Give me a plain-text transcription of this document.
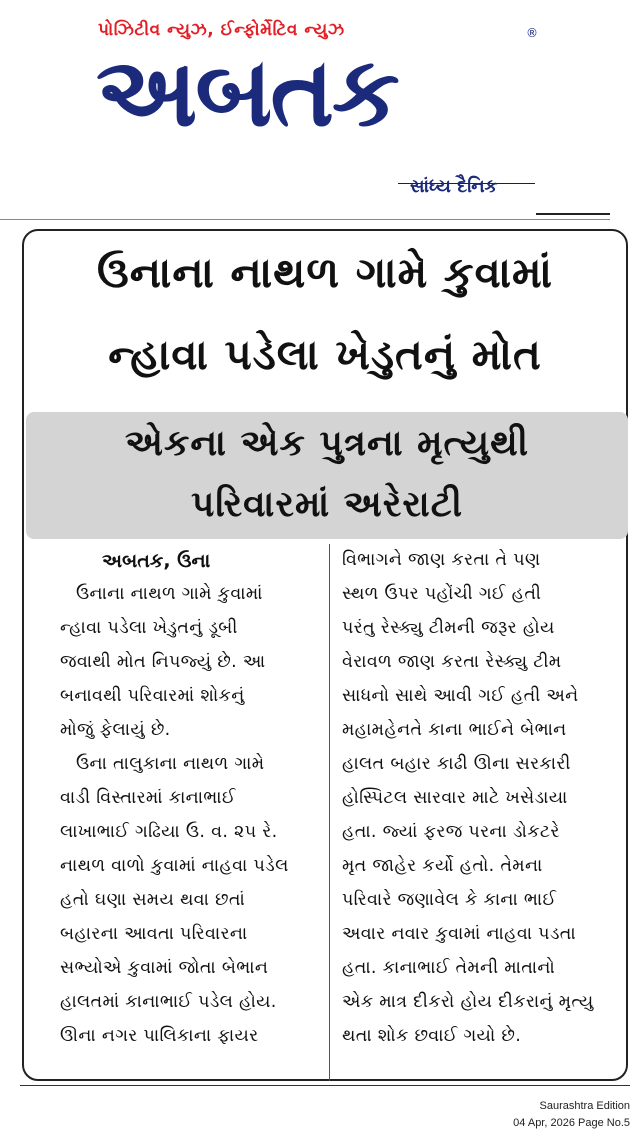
પોઝિટીવ ન્યુઝ, ઈન્ફોર્મેટિવ ન્યુઝ	®
અબતક
સાંધ્ય દૈનિક
ઉનાના નાથળ ગામે કુવામાં
ન્હાવા પડેલા ખેડુતનું મોત
એકના એક પુત્રના મૃત્યુથી
પરિવારમાં અરેરાટી
અબતક, ઉના
ઉનાના નાથળ ગામે કુવામાં
ન્હાવા પડેલા ખેડુતનું ડૂબી
જવાથી મોત નિપજ્યું છે. આ
બનાવથી પરિવારમાં શોકનું
મોજું ફેલાયું છે.
ઉના તાલુકાના નાથળ ગામે
વાડી વિસ્તારમાં કાનાભાઈ
લાખાભાઈ ગઢિયા ઉ. વ. ૨૫ રે.
નાથળ વાળો કુવામાં નાહવા પડેલ
હતો ઘણા સમય થવા છતાં
બહારના આવતા પરિવારના
સભ્યોએ કુવામાં જોતા બેભાન
હાલતમાં કાનાભાઈ પડેલ હોય.
ઊના નગર પાલિકાના ફાયર
વિભાગને જાણ કરતા તે પણ
સ્થળ ઉપર પહોંચી ગઈ હતી
પરંતુ રેસ્ક્યુ ટીમની જરૂર હોય
વેરાવળ જાણ કરતા રેસ્ક્યુ ટીમ
સાધનો સાથે આવી ગઈ હતી અને
મહામહેનતે કાના ભાઈને બેભાન
હાલત બહાર કાઢી ઊના સરકારી
હોસ્પિટલ સારવાર માટે ખસેડાયા
હતા. જ્યાં ફરજ પરના ડોકટરે
મૃત જાહેર કર્યો હતો. તેમના
પરિવારે જણાવેલ કે કાના ભાઈ
અવાર નવાર કુવામાં નાહવા પડતા
હતા. કાનાભાઈ તેમની માતાનો
એક માત્ર દીકરો હોય દીકરાનું મૃત્યુ
થતા શોક છવાઈ ગયો છે.
Saurashtra Edition
04 Apr, 2026 Page No.5
